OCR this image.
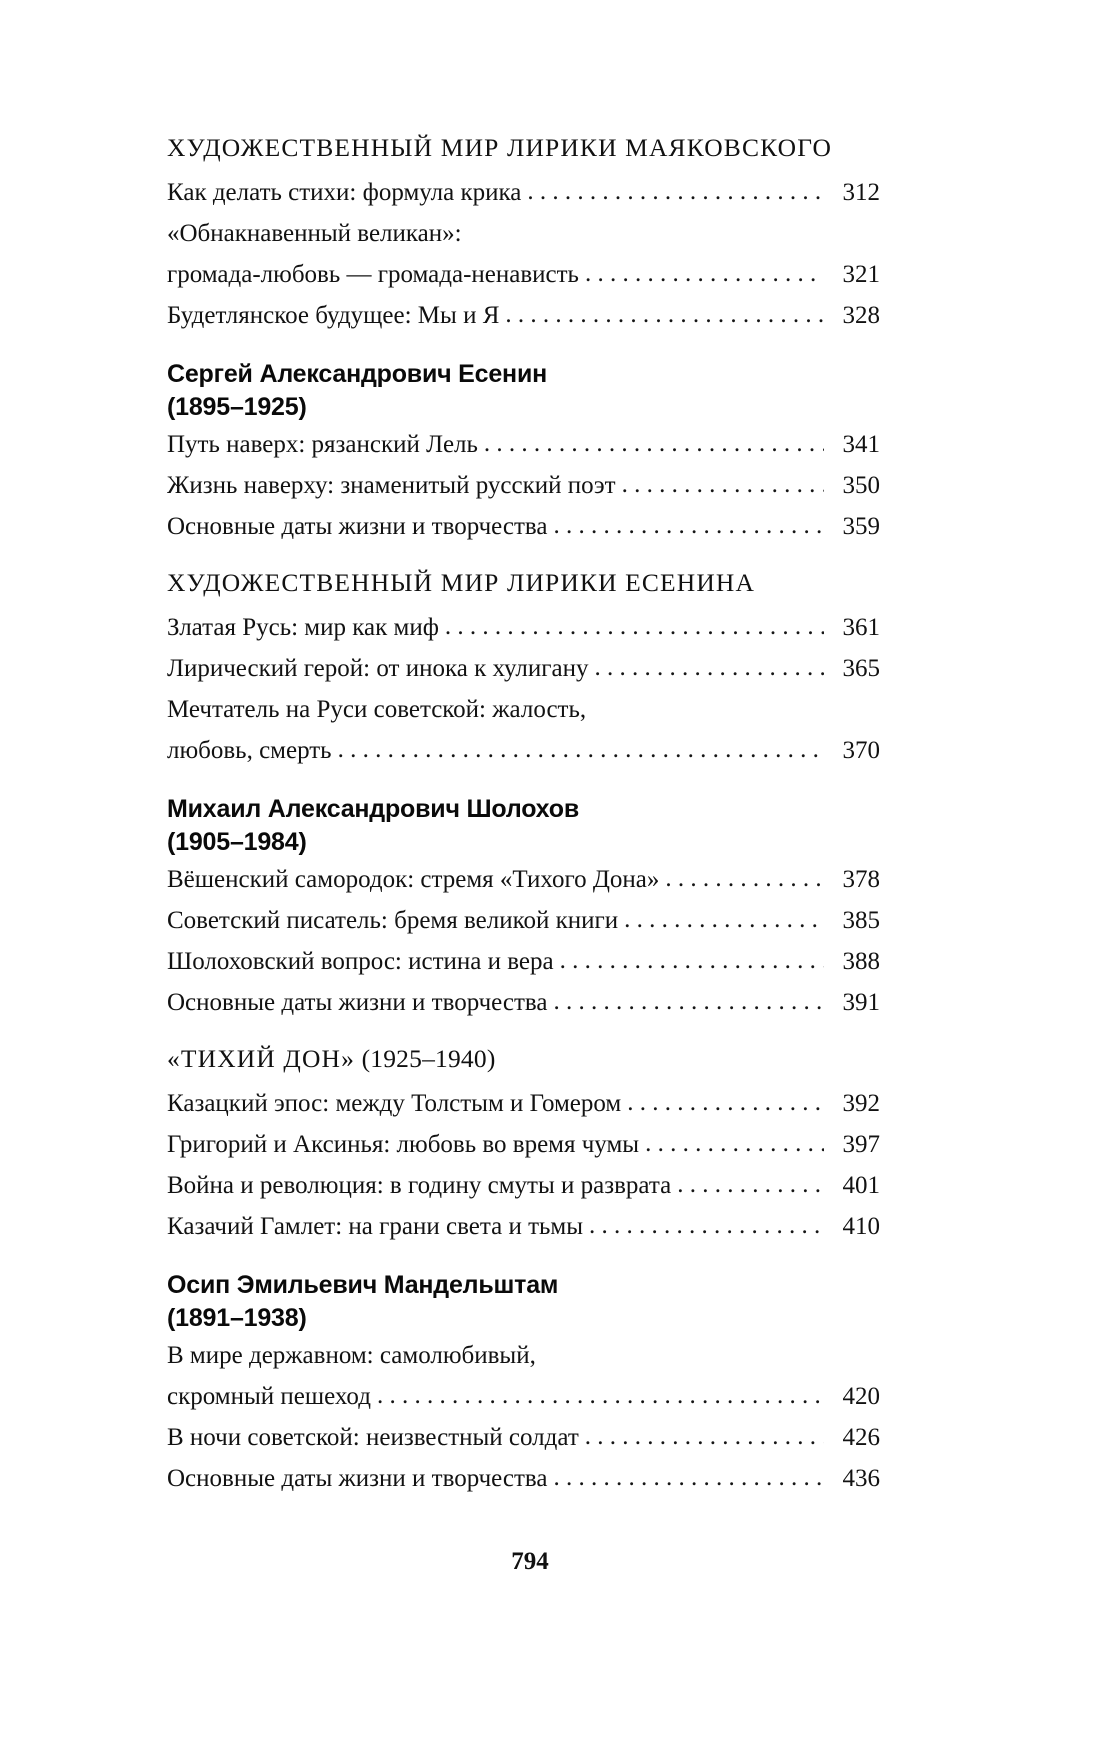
ХУДОЖЕСТВЕННЫЙ МИР ЛИРИКИ МАЯКОВСКОГО
Как делать стихи: формула крика . . .	312
«Обнакнавенный великан»:
громада-любовь — громада-ненависть . . .	321
Будетлянское будущее: Мы и Я . . .	328
Сергей Александрович Есенин
(1895–1925)
Путь наверх: рязанский Лель . . .	341
Жизнь наверху: знаменитый русский поэт . . .	350
Основные даты жизни и творчества . . .	359
ХУДОЖЕСТВЕННЫЙ МИР ЛИРИКИ ЕСЕНИНА
Златая Русь: мир как миф . . .	361
Лирический герой: от инока к хулигану . . .	365
Мечтатель на Руси советской: жалость,
любовь, смерть . . .	370
Михаил Александрович Шолохов
(1905–1984)
Вёшенский самородок: стремя «Тихого Дона» . . .	378
Советский писатель: бремя великой книги . . .	385
Шолоховский вопрос: истина и вера . . .	388
Основные даты жизни и творчества . . .	391
«ТИХИЙ ДОН» (1925–1940)
Казацкий эпос: между Толстым и Гомером . . .	392
Григорий и Аксинья: любовь во время чумы . . .	397
Война и революция: в годину смуты и разврата . . .	401
Казачий Гамлет: на грани света и тьмы . . .	410
Осип Эмильевич Мандельштам
(1891–1938)
В мире державном: самолюбивый,
скромный пешеход . . .	420
В ночи советской: неизвестный солдат . . .	426
Основные даты жизни и творчества . . .	436
794
